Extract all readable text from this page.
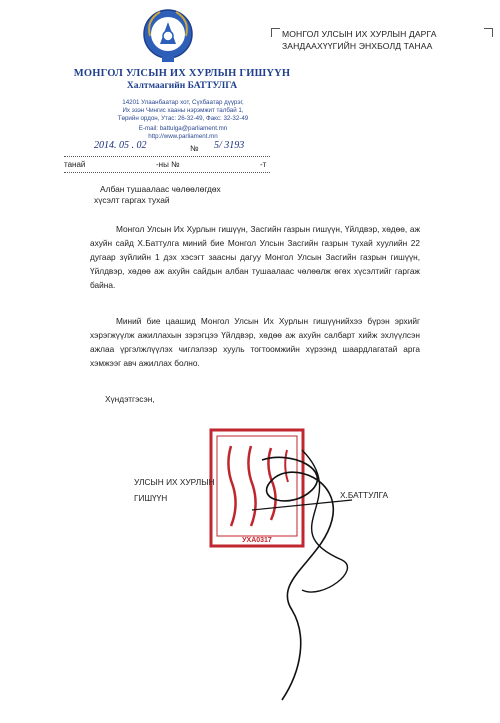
МОНГОЛ УЛСЫН ИХ ХУРЛЫН ГИШҮҮН
Халтмаагийн БАТТУЛГА
14201 Улаанбаатар хот, Сүхбаатар дүүрэг,
Их эзэн Чингис хааны нэрэмжит талбай 1,
Төрийн ордон, Утас: 26-32-49, Факс: 32-32-49
E-mail: battulga@parliament.mn
http://www.parliament.mn
2014. 05 . 02	№ 5/ 3193
танай	-ны №	-т
МОНГОЛ УЛСЫН ИХ ХУРЛЫН ДАРГА
ЗАНДААХҮҮГИЙН ЭНХБОЛД ТАНАА
Албан тушаалаас чөлөөлөгдөх
хүсэлт гаргах тухай
Монгол Улсын Их Хурлын гишүүн, Засгийн газрын гишүүн, Үйлдвэр, хөдөө, аж ахуйн сайд Х.Баттулга миний бие Монгол Улсын Засгийн газрын тухай хуулийн 22 дугаар зүйлийн 1 дэх хэсэгт заасны дагуу Монгол Улсын Засгийн газрын гишүүн, Үйлдвэр, хөдөө аж ахуйн сайдын албан тушаалаас чөлөөлж өгөх хүсэлтийг гаргаж байна.
Миний бие цаашид Монгол Улсын Их Хурлын гишүүнийхээ бүрэн эрхийг хэрэгжүүлж ажиллахын зэрэгцээ Үйлдвэр, хөдөө аж ахуйн салбарт хийж эхлүүлсэн ажлаа үргэлжлүүлэх чиглэлээр хууль тогтоомжийн хүрээнд шаардлагатай арга хэмжээг авч ажиллах болно.
Хүндэтгэсэн,
УХА0317
УЛСЫН ИХ ХУРЛЫН
ГИШҮҮН	Х.БАТТУЛГА
